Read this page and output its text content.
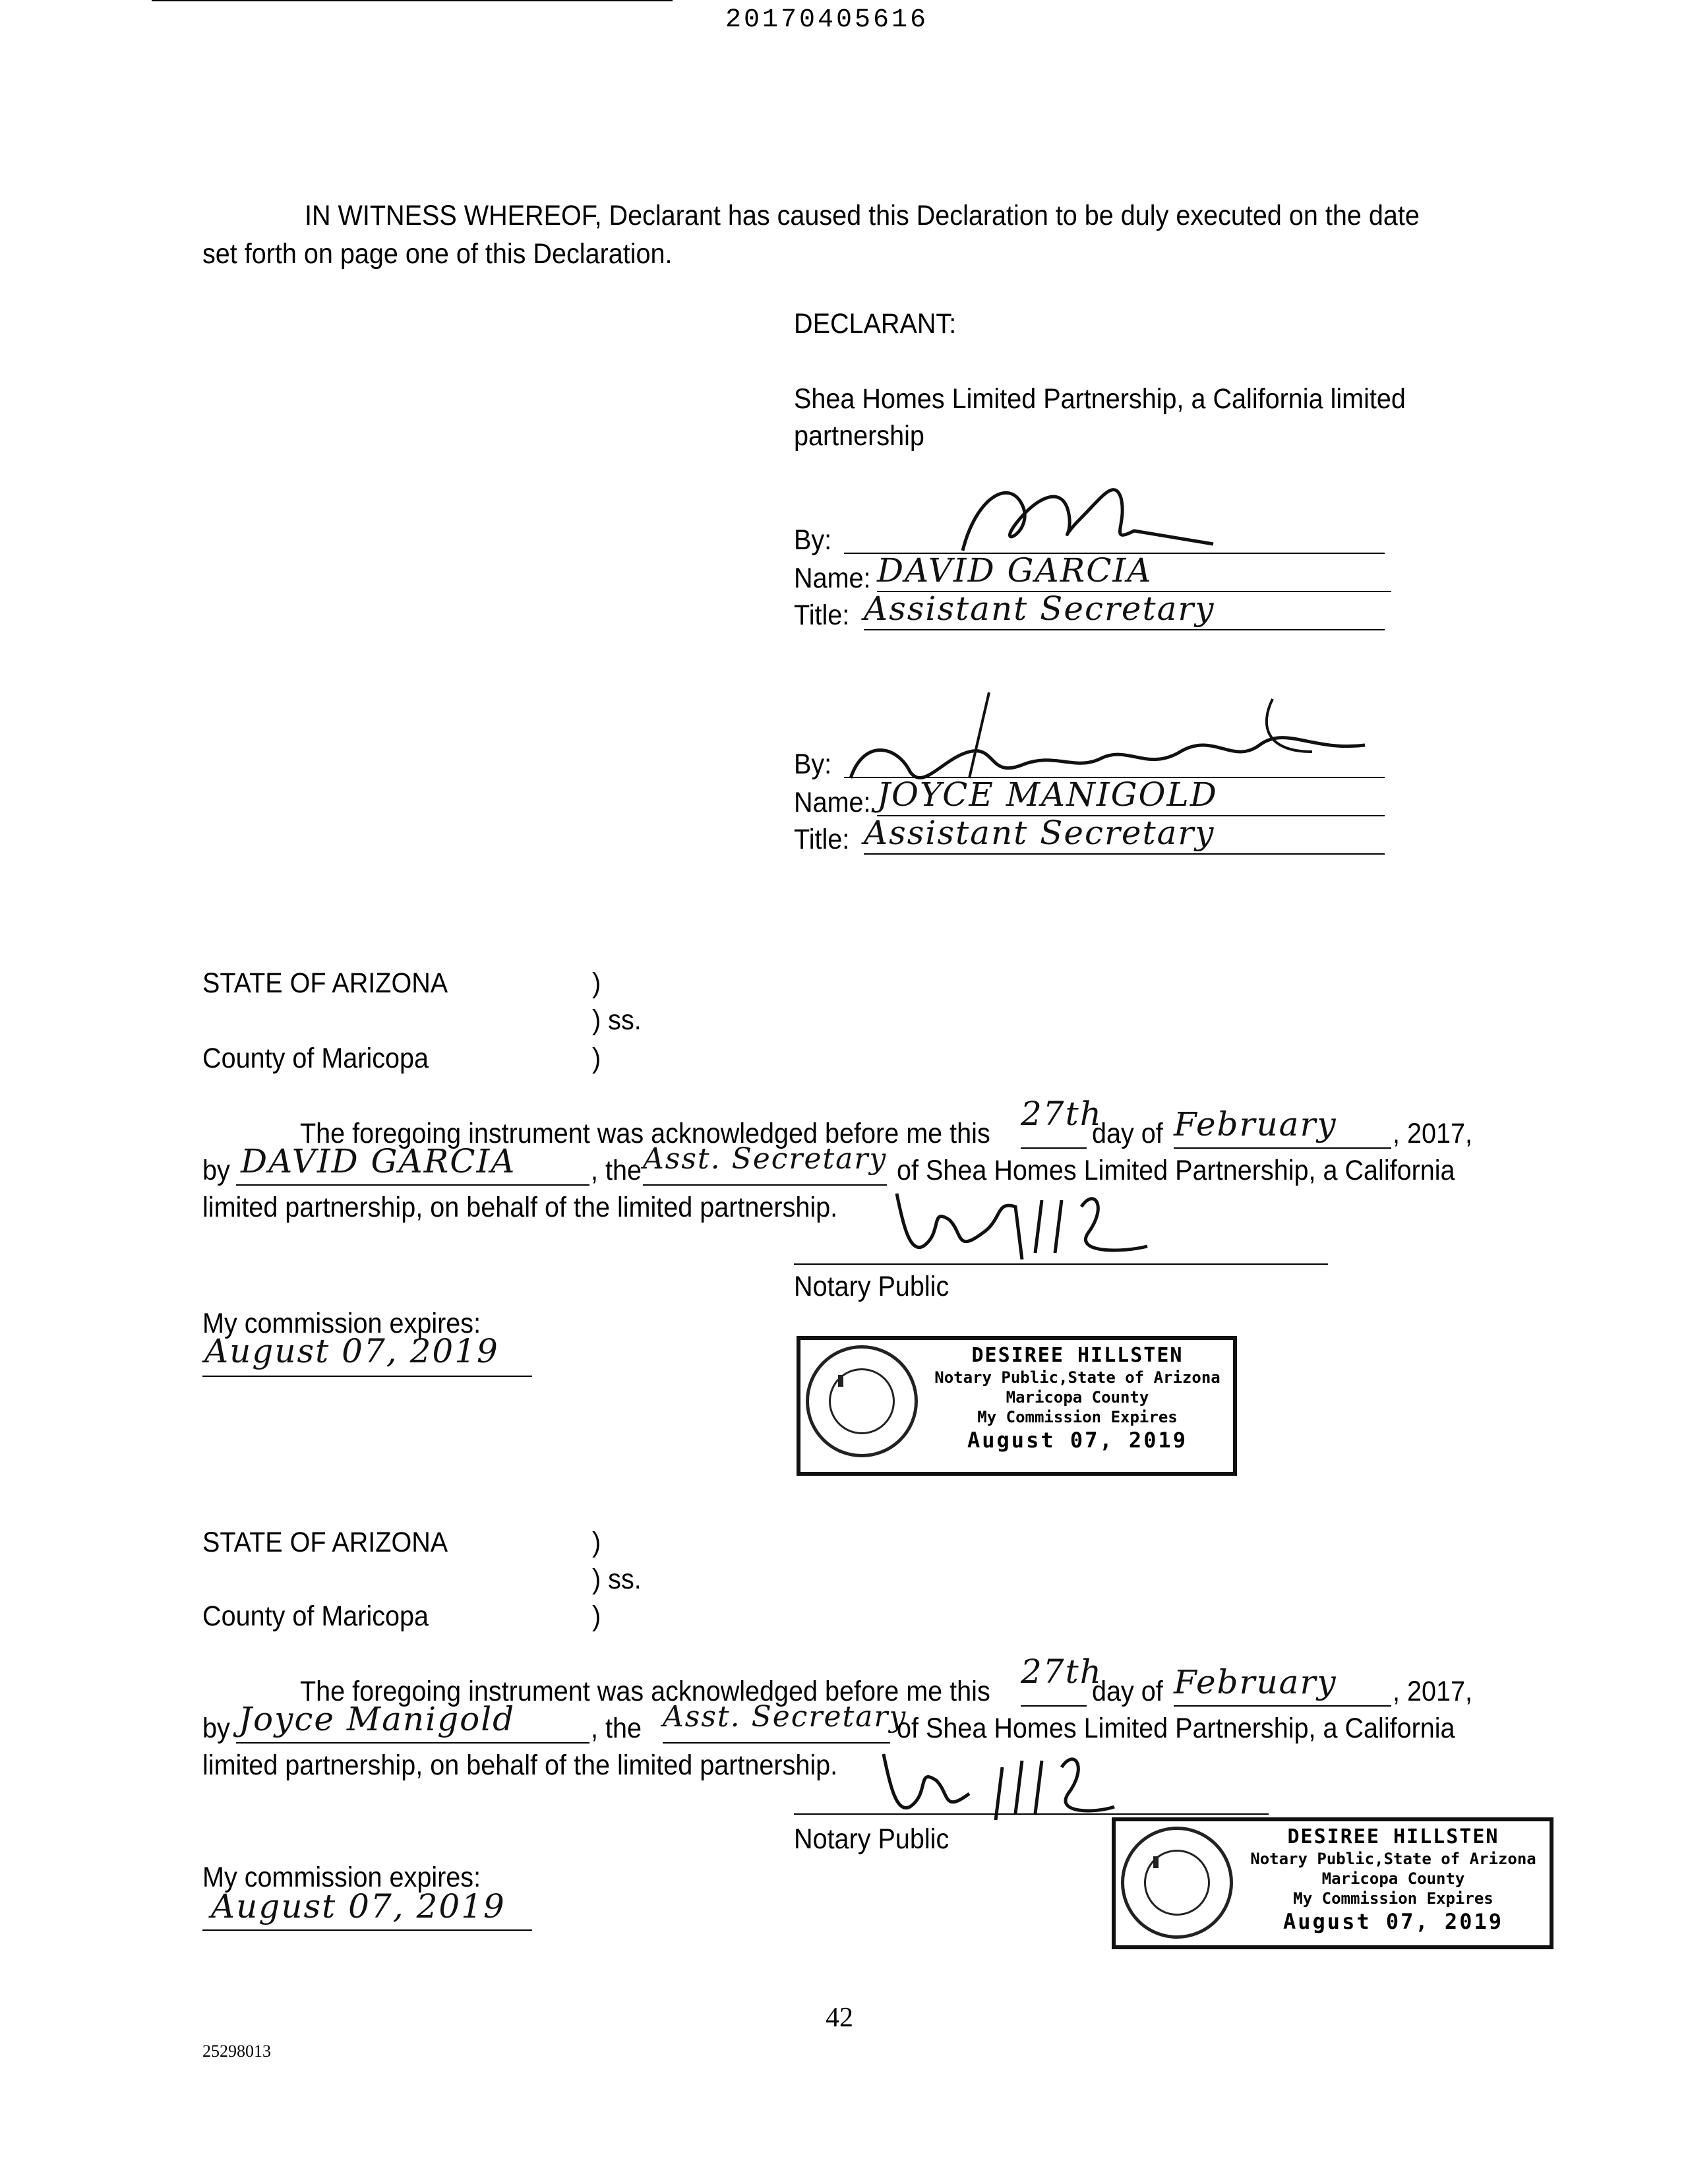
20170405616
IN WITNESS WHEREOF, Declarant has caused this Declaration to be duly executed on the date
set forth on page one of this Declaration.
DECLARANT:
Shea Homes Limited Partnership, a California limited
partnership
By:
Name: DAVID GARCIA
Title: Assistant Secretary
By:
Name: JOYCE MANIGOLD
Title: Assistant Secretary
STATE OF ARIZONA	)
) ss.
County of Maricopa	)
The foregoing instrument was acknowledged before me this
27th
day of February , 2017,
by DAVID GARCIA	, the Asst. Secretary of Shea Homes Limited Partnership, a California
limited partnership, on behalf of the limited partnership.
Notary Public
My commission expires:
August 07, 2019	DESIREE HILLSTEN
Notary Public,State of Arizona
Maricopa County
My Commission Expires
August 07, 2019
STATE OF ARIZONA	)
) ss.
County of Maricopa	)
The foregoing instrument was acknowledged before me this
27th
day of February , 2017,
by Joyce Manigold	, the Asst. Secretary
of Shea Homes Limited Partnership, a California
limited partnership, on behalf of the limited partnership.
Notary Public
My commission expires:
August 07, 2019
DESIREE HILLSTEN
Notary Public,State of Arizona
Maricopa County
My Commission Expires
August 07, 2019
42
25298013
